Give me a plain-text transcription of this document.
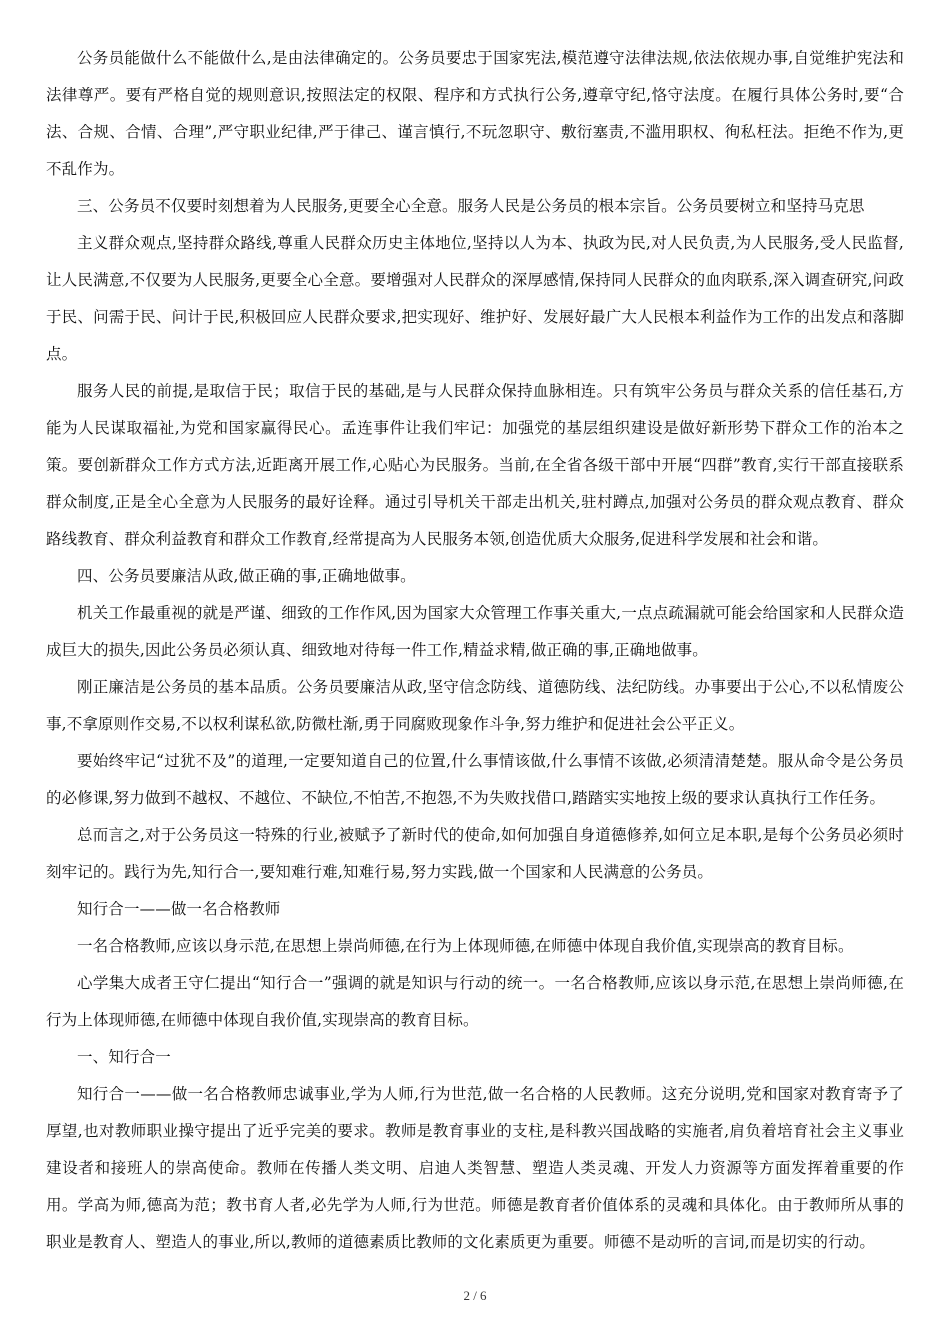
公务员能做什么不能做什么,是由法律确定的。公务员要忠于国家宪法,模范遵守法律法规,依法依规办事,自觉维护宪法和法律尊严。要有严格自觉的规则意识,按照法定的权限、程序和方式执行公务,遵章守纪,恪守法度。在履行具体公务时,要“合法、合规、合情、合理”,严守职业纪律,严于律己、谨言慎行,不玩忽职守、敷衍塞责,不滥用职权、徇私枉法。拒绝不作为,更不乱作为。

三、公务员不仅要时刻想着为人民服务,更要全心全意。服务人民是公务员的根本宗旨。公务员要树立和坚持马克思

主义群众观点,坚持群众路线,尊重人民群众历史主体地位,坚持以人为本、执政为民,对人民负责,为人民服务,受人民监督,让人民满意,不仅要为人民服务,更要全心全意。要增强对人民群众的深厚感情,保持同人民群众的血肉联系,深入调查研究,问政于民、问需于民、问计于民,积极回应人民群众要求,把实现好、维护好、发展好最广大人民根本利益作为工作的出发点和落脚点。

服务人民的前提,是取信于民；取信于民的基础,是与人民群众保持血脉相连。只有筑牢公务员与群众关系的信任基石,方能为人民谋取福祉,为党和国家赢得民心。孟连事件让我们牢记：加强党的基层组织建设是做好新形势下群众工作的治本之策。要创新群众工作方式方法,近距离开展工作,心贴心为民服务。当前,在全省各级干部中开展“四群”教育,实行干部直接联系群众制度,正是全心全意为人民服务的最好诠释。通过引导机关干部走出机关,驻村蹲点,加强对公务员的群众观点教育、群众路线教育、群众利益教育和群众工作教育,经常提高为人民服务本领,创造优质大众服务,促进科学发展和社会和谐。

四、公务员要廉洁从政,做正确的事,正确地做事。

机关工作最重视的就是严谨、细致的工作作风,因为国家大众管理工作事关重大,一点点疏漏就可能会给国家和人民群众造成巨大的损失,因此公务员必须认真、细致地对待每一件工作,精益求精,做正确的事,正确地做事。

刚正廉洁是公务员的基本品质。公务员要廉洁从政,坚守信念防线、道德防线、法纪防线。办事要出于公心,不以私情废公事,不拿原则作交易,不以权利谋私欲,防微杜渐,勇于同腐败现象作斗争,努力维护和促进社会公平正义。

要始终牢记“过犹不及”的道理,一定要知道自己的位置,什么事情该做,什么事情不该做,必须清清楚楚。服从命令是公务员的必修课,努力做到不越权、不越位、不缺位,不怕苦,不抱怨,不为失败找借口,踏踏实实地按上级的要求认真执行工作任务。

总而言之,对于公务员这一特殊的行业,被赋予了新时代的使命,如何加强自身道德修养,如何立足本职,是每个公务员必须时刻牢记的。践行为先,知行合一,要知难行难,知难行易,努力实践,做一个国家和人民满意的公务员。

知行合一——做一名合格教师

一名合格教师,应该以身示范,在思想上崇尚师德,在行为上体现师德,在师德中体现自我价值,实现崇高的教育目标。

心学集大成者王守仁提出“知行合一”强调的就是知识与行动的统一。一名合格教师,应该以身示范,在思想上崇尚师德,在行为上体现师德,在师德中体现自我价值,实现崇高的教育目标。

一、知行合一

知行合一——做一名合格教师忠诚事业,学为人师,行为世范,做一名合格的人民教师。这充分说明,党和国家对教育寄予了厚望,也对教师职业操守提出了近乎完美的要求。教师是教育事业的支柱,是科教兴国战略的实施者,肩负着培育社会主义事业建设者和接班人的崇高使命。教师在传播人类文明、启迪人类智慧、塑造人类灵魂、开发人力资源等方面发挥着重要的作用。学高为师,德高为范；教书育人者,必先学为人师,行为世范。师德是教育者价值体系的灵魂和具体化。由于教师所从事的职业是教育人、塑造人的事业,所以,教师的道德素质比教师的文化素质更为重要。师德不是动听的言词,而是切实的行动。

2 / 6
